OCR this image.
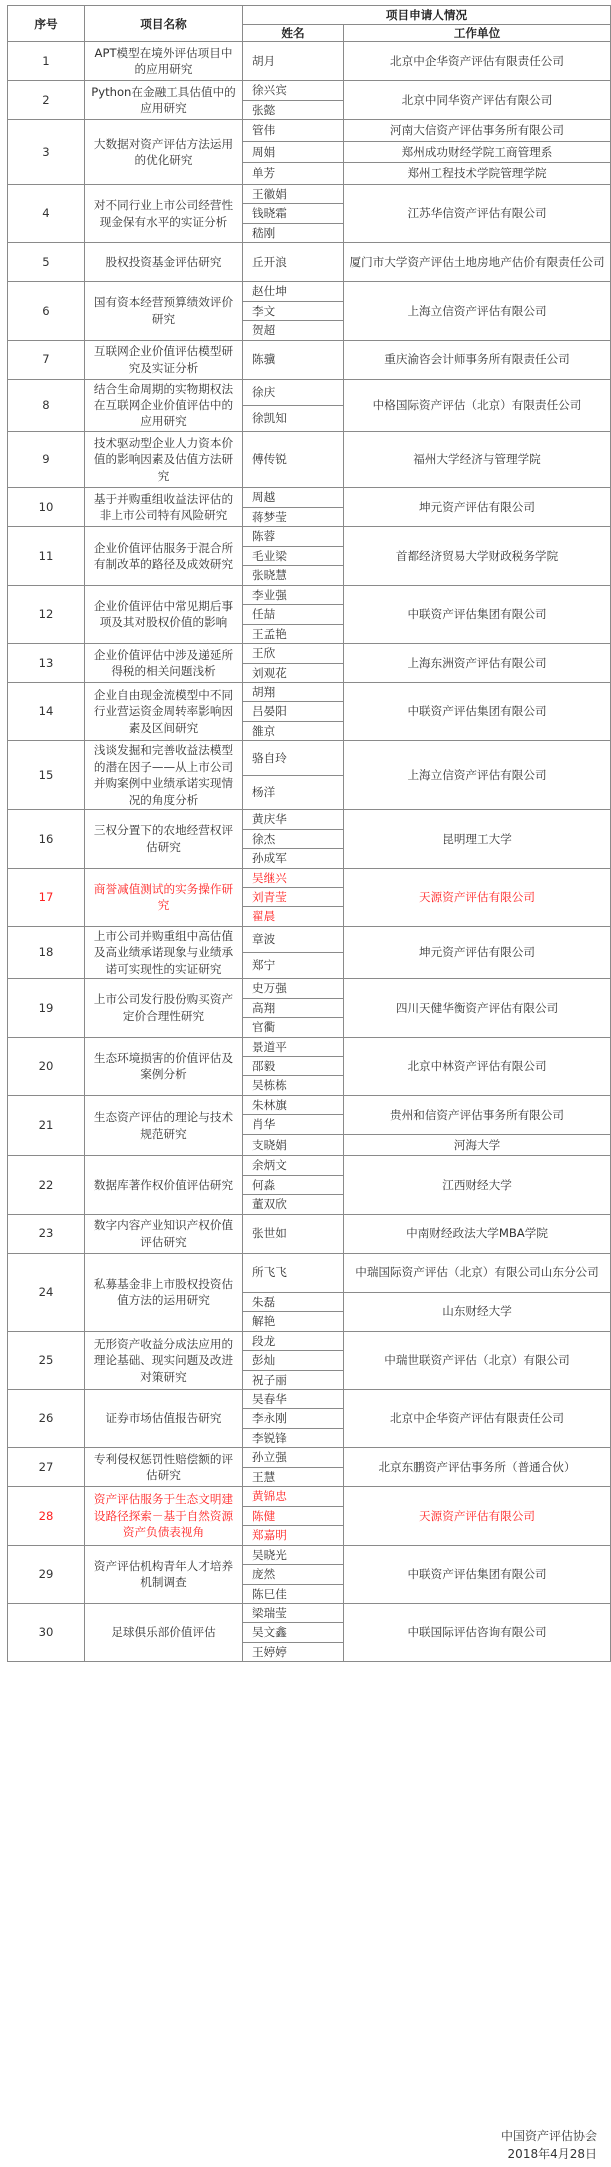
序号	项目名称	项目申请人情况	
		姓名	工作单位
1	APT模型在境外评估项目中的应用研究	胡月	北京中企华资产评估有限责任公司
2	Python在金融工具估值中的应用研究	徐兴宾	北京中同华资产评估有限公司
		张懿	
3	大数据对资产评估方法运用的优化研究	管伟	河南大信资产评估事务所有限公司
		周娟	郑州成功财经学院工商管理系
		单芳	郑州工程技术学院管理学院
4	对不同行业上市公司经营性现金保有水平的实证分析	王徽娟	江苏华信资产评估有限公司
		钱晓霜	
		嵇刚	
5	股权投资基金评估研究	丘开浪	厦门市大学资产评估土地房地产估价有限责任公司
6	国有资本经营预算绩效评价研究	赵仕坤	上海立信资产评估有限公司
		李文	
		贺超	
7	互联网企业价值评估模型研究及实证分析	陈骥	重庆渝咨会计师事务所有限责任公司
8	结合生命周期的实物期权法在互联网企业价值评估中的应用研究	徐庆	中格国际资产评估（北京）有限责任公司
		徐凯知	
9	技术驱动型企业人力资本价值的影响因素及估值方法研究	傅传锐	福州大学经济与管理学院
10	基于并购重组收益法评估的非上市公司特有风险研究	周越	坤元资产评估有限公司
		蒋梦莹	
11	企业价值评估服务于混合所有制改革的路径及成效研究	陈蓉	首都经济贸易大学财政税务学院
		毛业梁	
		张晓慧	
12	企业价值评估中常见期后事项及其对股权价值的影响	李业强	中联资产评估集团有限公司
		任喆	
		王孟艳	
13	企业价值评估中涉及递延所得税的相关问题浅析	王欣	上海东洲资产评估有限公司
		刘观花	
14	企业自由现金流模型中不同行业营运资金周转率影响因素及区间研究	胡翔	中联资产评估集团有限公司
		吕晏阳	
		雒京	
15	浅谈发掘和完善收益法模型的潜在因子——从上市公司并购案例中业绩承诺实现情况的角度分析	骆自玲	上海立信资产评估有限公司
		杨洋	
16	三权分置下的农地经营权评估研究	黄庆华	昆明理工大学
		徐杰	
		孙成军	
17	商誉减值测试的实务操作研究	吴继兴	天源资产评估有限公司
		刘青莹	
		翟晨	
18	上市公司并购重组中高估值及高业绩承诺现象与业绩承诺可实现性的实证研究	章波	坤元资产评估有限公司
		郑宁	
19	上市公司发行股份购买资产定价合理性研究	史万强	四川天健华衡资产评估有限公司
		高翔	
		官衢	
20	生态环境损害的价值评估及案例分析	景道平	北京中林资产评估有限公司
		邵毅	
		吴栋栋	
21	生态资产评估的理论与技术规范研究	朱林旗	贵州和信资产评估事务所有限公司
		肖华	
		支晓娟	河海大学
22	数据库著作权价值评估研究	余炳文	江西财经大学
		何淼	
		董双欣	
23	数字内容产业知识产权价值评估研究	张世如	中南财经政法大学MBA学院
24	私募基金非上市股权投资估值方法的运用研究	所飞飞	中瑞国际资产评估（北京）有限公司山东分公司
		朱磊	山东财经大学
		解艳	
25	无形资产收益分成法应用的理论基础、现实问题及改进对策研究	段龙	中瑞世联资产评估（北京）有限公司
		彭灿	
		祝子丽	
26	证券市场估值报告研究	吴春华	北京中企华资产评估有限责任公司
		李永刚	
		李锐锋	
27	专利侵权惩罚性赔偿额的评估研究	孙立强	北京东鹏资产评估事务所（普通合伙）
		王慧	
28	资产评估服务于生态文明建设路径探索－基于自然资源资产负债表视角	黄锦忠	天源资产评估有限公司
		陈健	
		郑嘉明	
29	资产评估机构青年人才培养机制调查	吴晓光	中联资产评估集团有限公司
		庞然	
		陈巳佳	
30	足球俱乐部价值评估	梁瑞莹	中联国际评估咨询有限公司
		吴文鑫	
		王婷婷	
中国资产评估协会
2018年4月28日
